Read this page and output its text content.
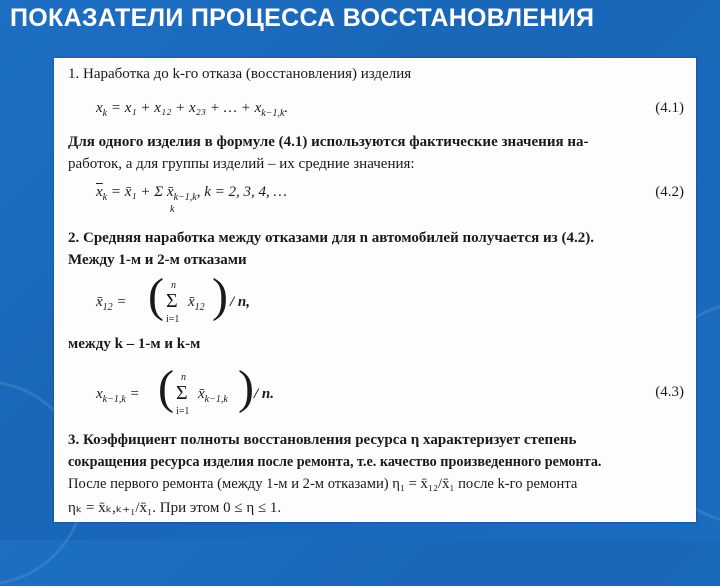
ПОКАЗАТЕЛИ ПРОЦЕССА ВОССТАНОВЛЕНИЯ
1. Наработка до k-го отказа (восстановления) изделия
$x_k = x_1 + x_{12} + x_{23}$ + … + $x_{k-1,k}$.	(4.1)
Для одного изделия в формуле (4.1) используются фактические значения на-
работок, а для группы изделий – их средние значения:
$\overline{x}_k$ = x̄₁ + Σ $x̄_{k-1,k}$, k = 2, 3, 4, …
k
(4.2)
2. Средняя наработка между отказами для n автомобилей получается из (4.2).
Между 1-м и 2-м отказами
$x̄_{12}$ = ( n
Σ
i=1
$x̄_{12}$ ) / n,
между k – 1-м и k-м
$x_{k-1,k}$ = ( n
Σ
i=1
$x̄_{k-1,k}$ ) / n.	(4.3)
3. Коэффициент полноты восстановления ресурса η характеризует степень
сокращения ресурса изделия после ремонта, т.е. качество произведенного ремонта.
После первого ремонта (между 1-м и 2-м отказами) η₁ = x̄₁₂/x̄₁ после k-го ремонта
ηₖ = x̄ₖ,ₖ₊₁/x̄₁. При этом 0 ≤ η ≤ 1.
